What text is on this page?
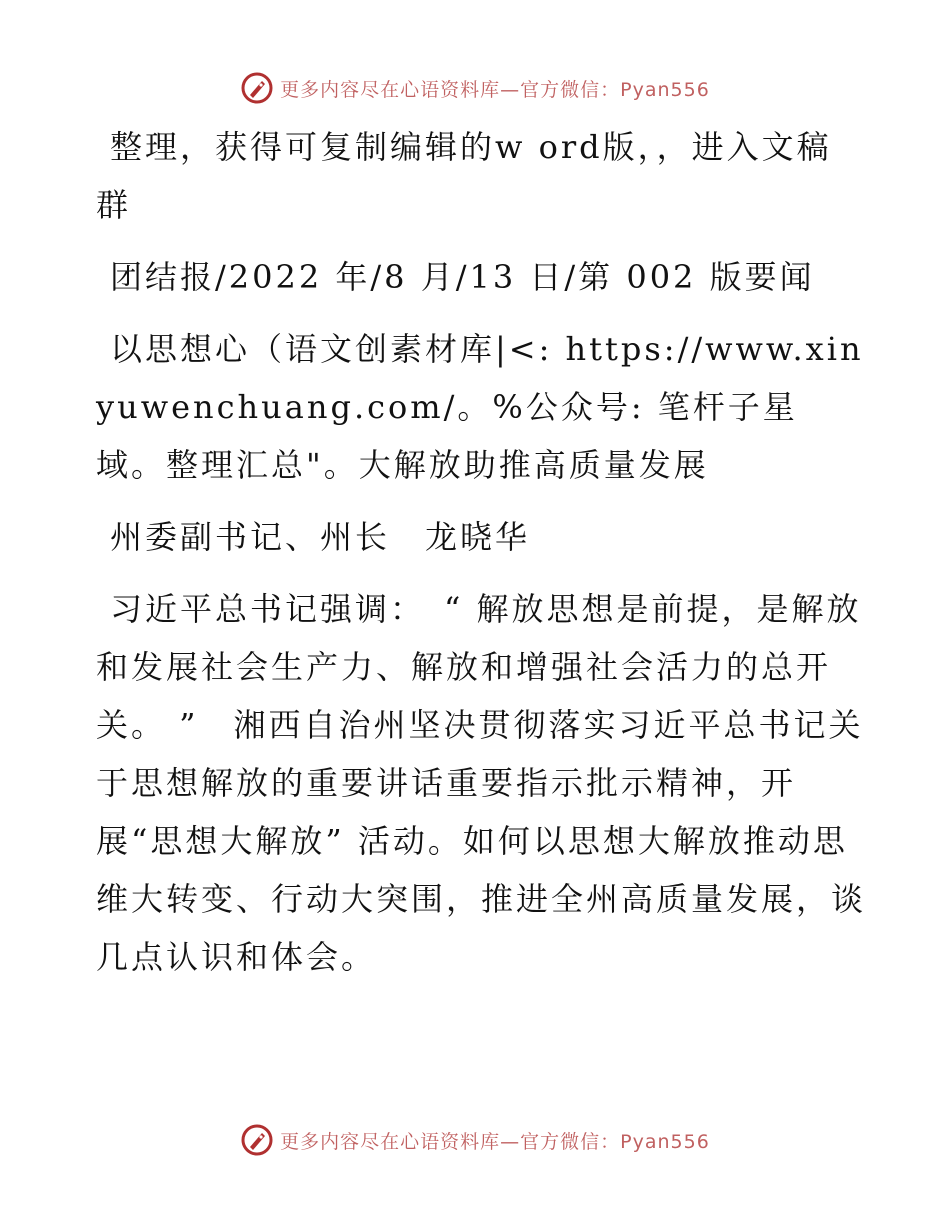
更多内容尽在心语资料库—官方微信：Pyan556

整理，获得可复制编辑的w ord版，，进入文稿群

团结报/2022 年/8 月/13 日/第 002 版要闻

以思想心（语文创素材库|<: https://www.xinyuwenchuang.com/。%公众号: 笔杆子星域。整理汇总"。大解放助推高质量发展

州委副书记、州长　龙晓华

习近平总书记强调：　“ 解放思想是前提，是解放和发展社会生产力、解放和增强社会活力的总开关。 ”　湘西自治州坚决贯彻落实习近平总书记关于思想解放的重要讲话重要指示批示精神，开展“思想大解放” 活动。如何以思想大解放推动思维大转变、行动大突围，推进全州高质量发展，谈几点认识和体会。

更多内容尽在心语资料库—官方微信：Pyan556
